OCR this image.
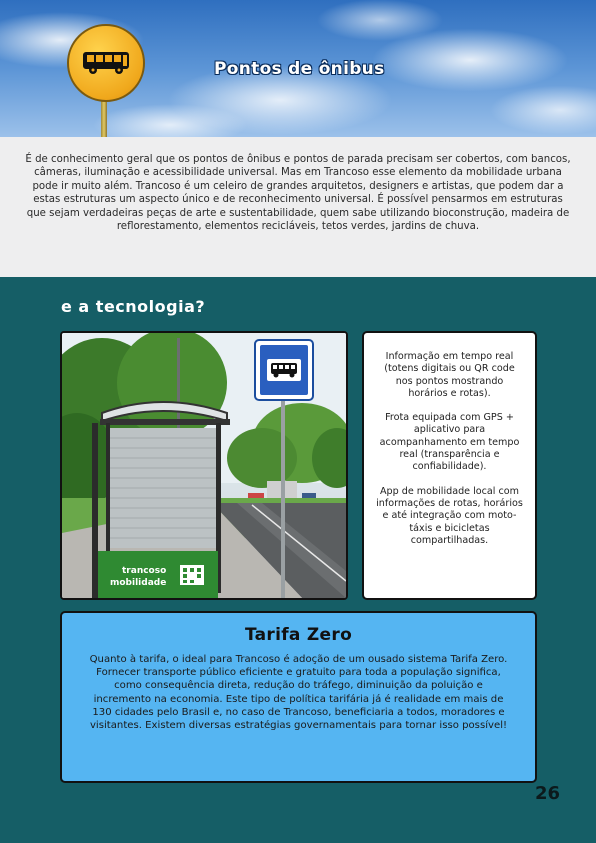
Pontos de ônibus

É de conhecimento geral que os pontos de ônibus e pontos de parada precisam ser cobertos, com bancos, câmeras, iluminação e acessibilidade universal. Mas em Trancoso esse elemento da mobilidade urbana pode ir muito além. Trancoso é um celeiro de grandes arquitetos, designers e artistas, que podem dar a estas estruturas um aspecto único e de reconhecimento universal. É possível pensarmos em estruturas que sejam verdadeiras peças de arte e sustentabilidade, quem sabe utilizando bioconstrução, madeira de reflorestamento, elementos recicláveis, tetos verdes, jardins de chuva.

e a tecnologia?
trancoso
mobilidade

Informação em tempo real (totens digitais ou QR code nos pontos mostrando horários e rotas).

Frota equipada com GPS + aplicativo para acompanhamento em tempo real (transparência e confiabilidade).

App de mobilidade local com informações de rotas, horários e até integração com moto-táxis e bicicletas compartilhadas.

Tarifa Zero

Quanto à tarifa, o ideal para Trancoso é adoção de um ousado sistema Tarifa Zero. Fornecer transporte público eficiente e gratuito para toda a população significa, como consequência direta, redução do tráfego, diminuição da poluição e incremento na economia. Este tipo de política tarifária já é realidade em mais de 130 cidades pelo Brasil e, no caso de Trancoso, beneficiaria a todos, moradores e visitantes. Existem diversas estratégias governamentais para tornar isso possível!

26
